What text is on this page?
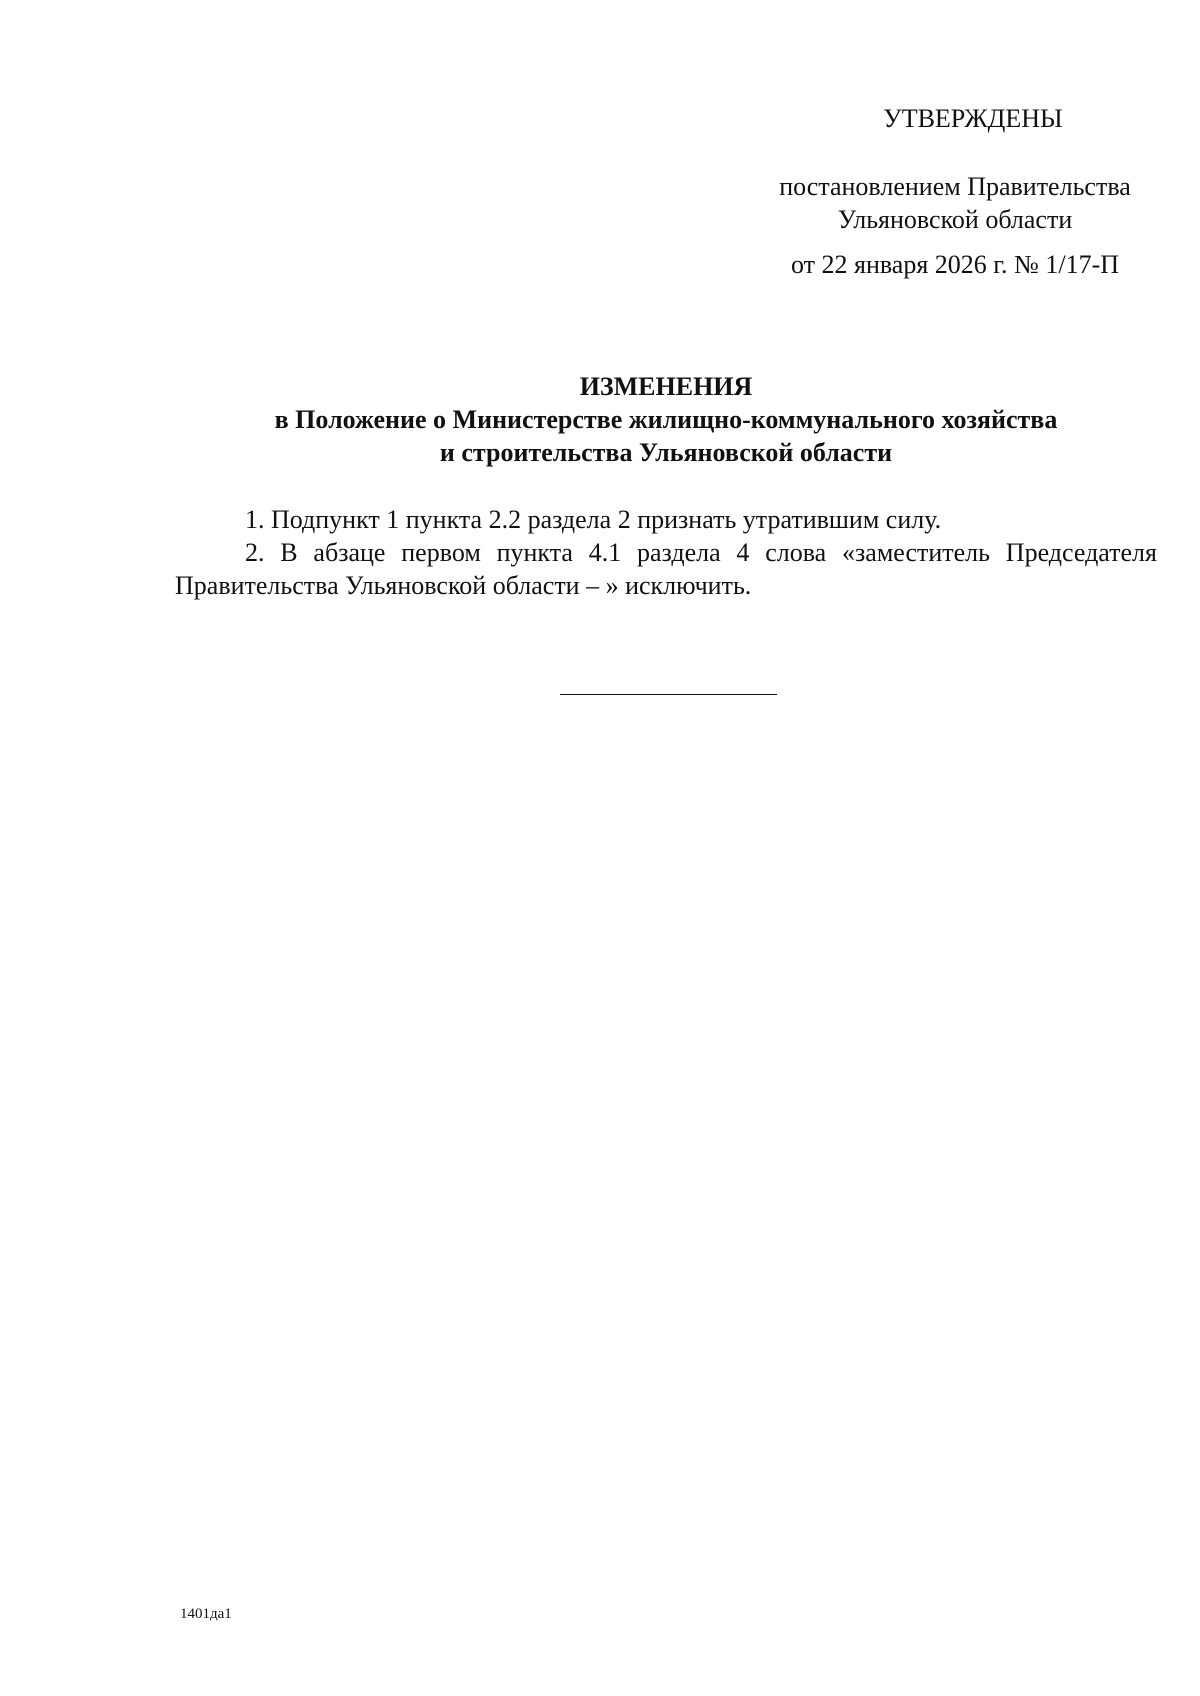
УТВЕРЖДЕНЫ
постановлением Правительства
Ульяновской области
от 22 января 2026 г. № 1/17-П
ИЗМЕНЕНИЯ
в Положение о Министерстве жилищно-коммунального хозяйства
и строительства Ульяновской области

1. Подпункт 1 пункта 2.2 раздела 2 признать утратившим силу.

2. В абзаце первом пункта 4.1 раздела 4 слова «заместитель Председателя Правительства Ульяновской области – » исключить.

1401да1
